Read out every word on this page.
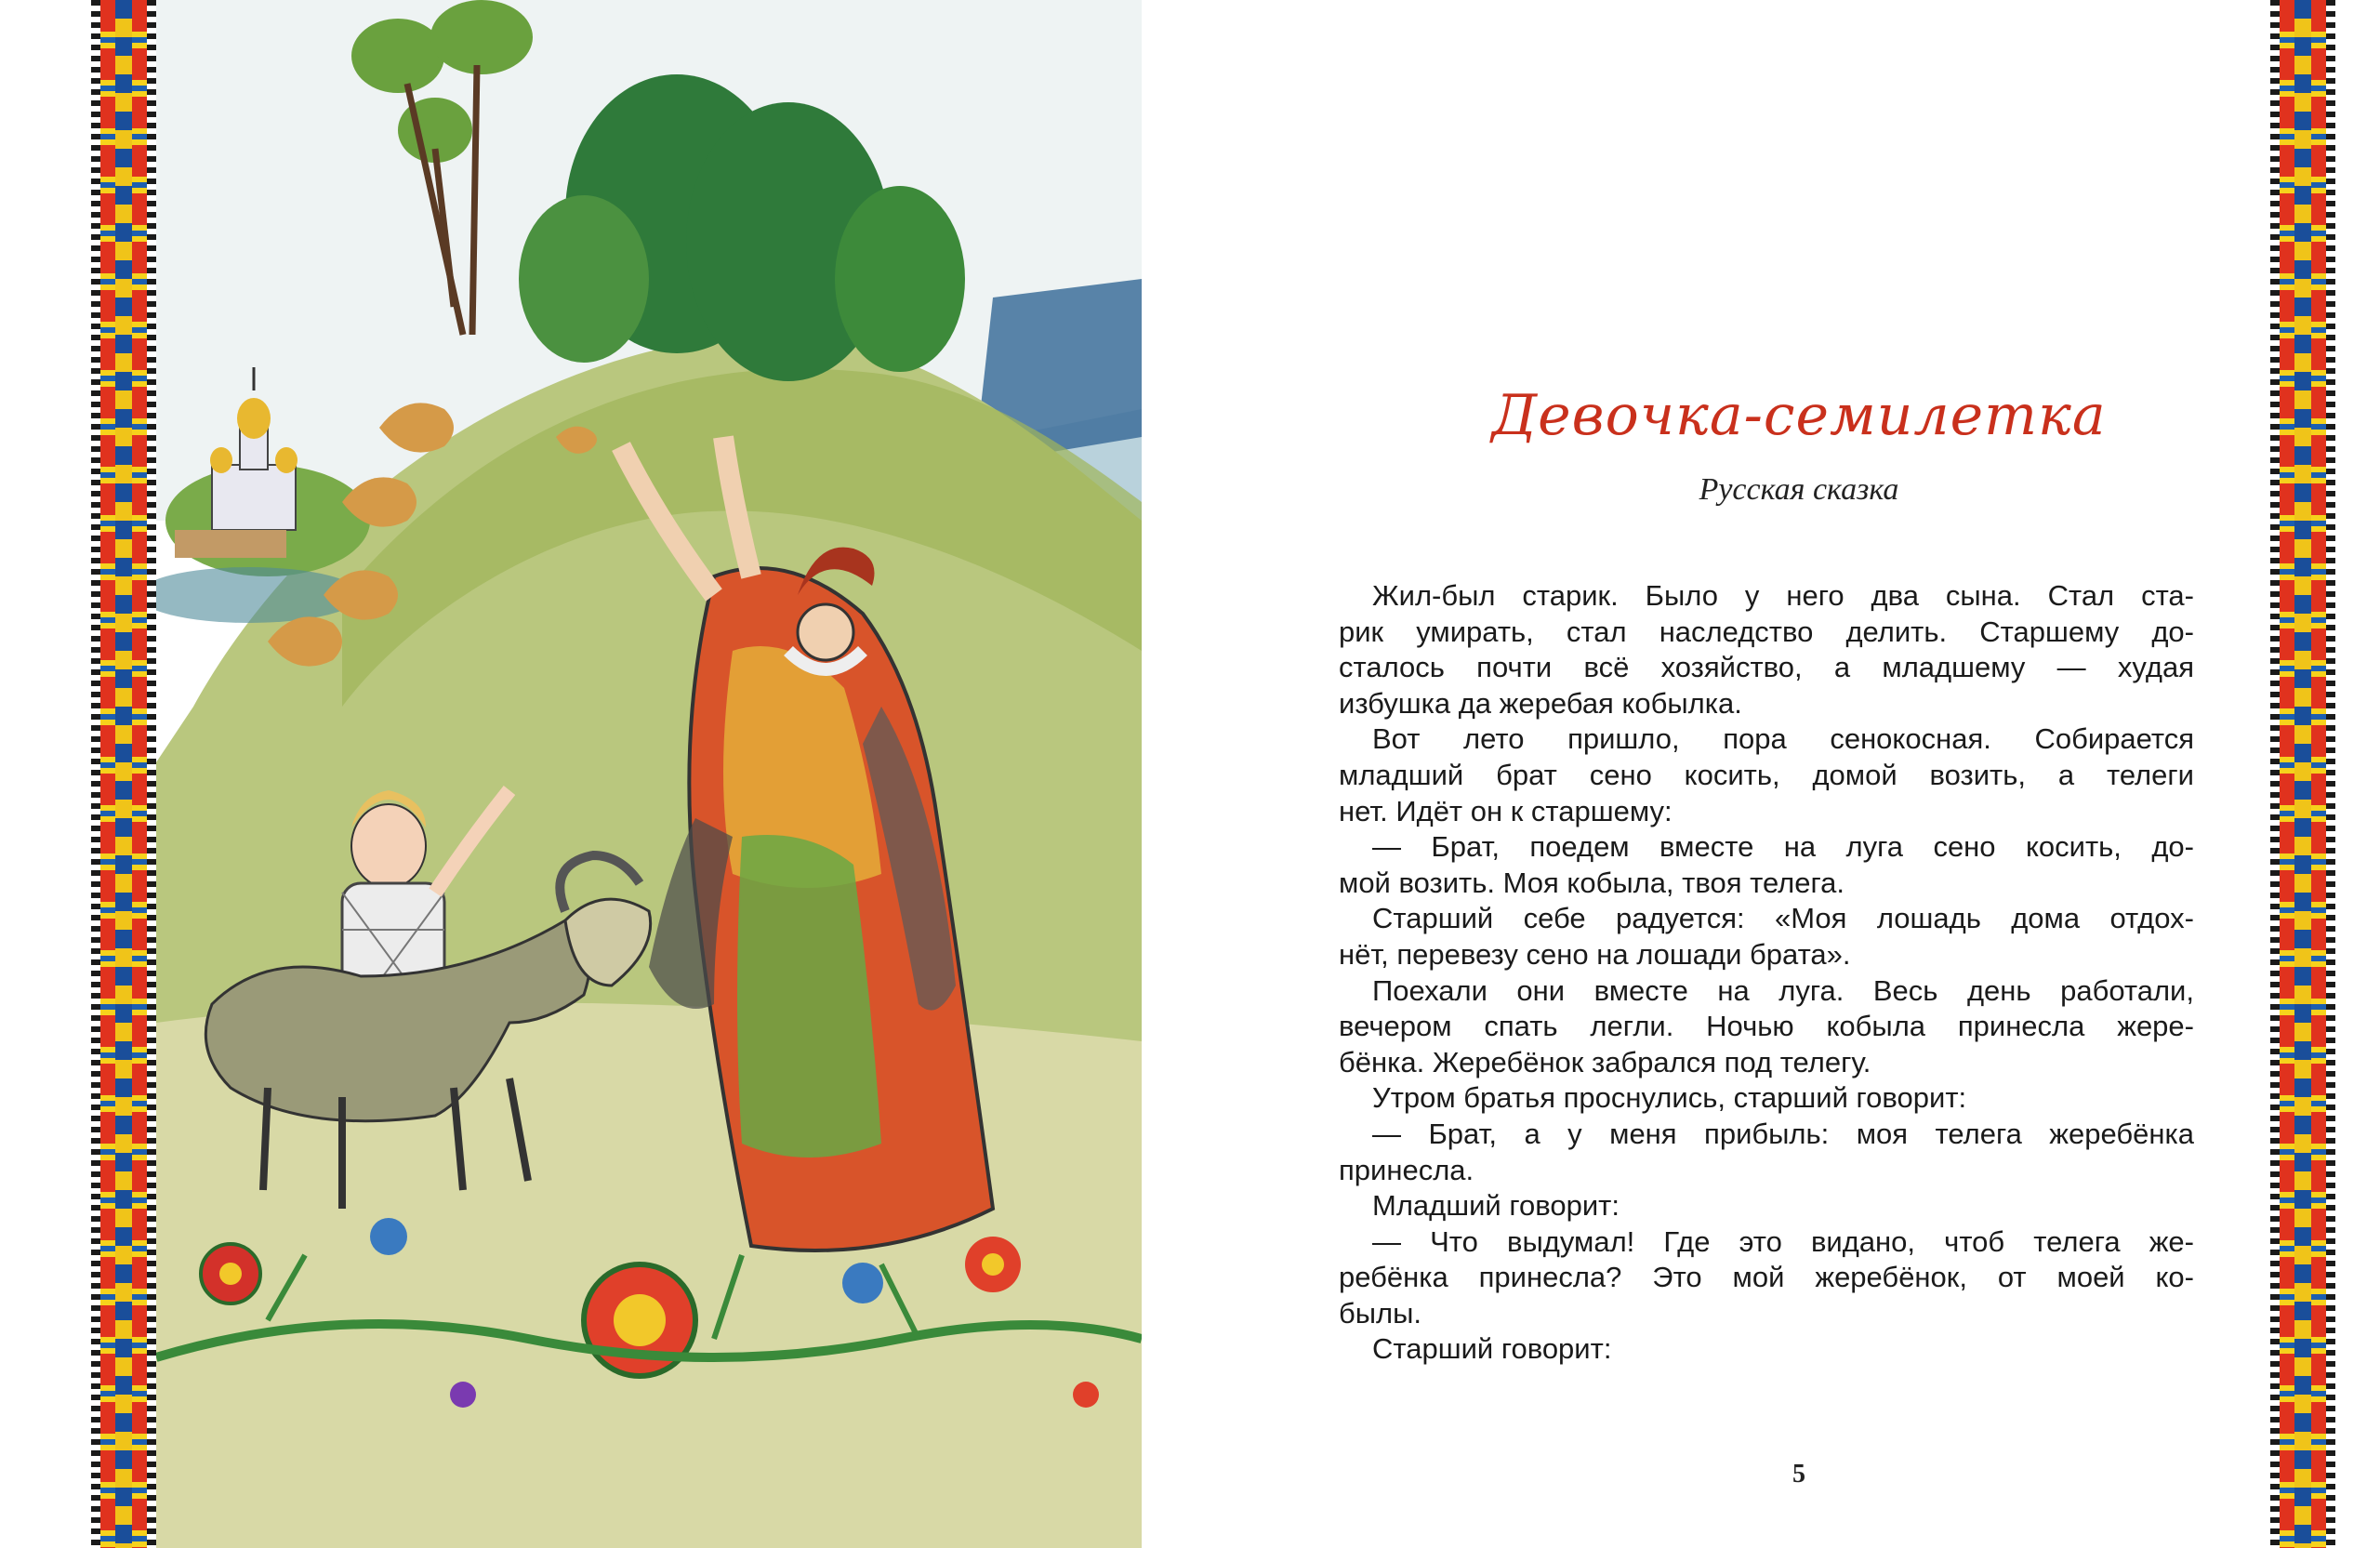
Девочка-семилетка
Русская сказка
Жил-был старик. Было у него два сына. Стал ста-
рик умирать, стал наследство делить. Старшему до-
сталось почти всё хозяйство, а младшему — худая
избушка да жеребая кобылка.
Вот лето пришло, пора сенокосная. Собирается
младший брат сено косить, домой возить, а телеги
нет. Идёт он к старшему:
— Брат, поедем вместе на луга сено косить, до-
мой возить. Моя кобыла, твоя телега.
Старший себе радуется: «Моя лошадь дома отдох-
нёт, перевезу сено на лошади брата».
Поехали они вместе на луга. Весь день работали,
вечером спать легли. Ночью кобыла принесла жере-
бёнка. Жеребёнок забрался под телегу.
Утром братья проснулись, старший говорит:
— Брат, а у меня прибыль: моя телега жеребёнка
принесла.
Младший говорит:
— Что выдумал! Где это видано, чтоб телега же-
ребёнка принесла? Это мой жеребёнок, от моей ко-
былы.
Старший говорит:
5
